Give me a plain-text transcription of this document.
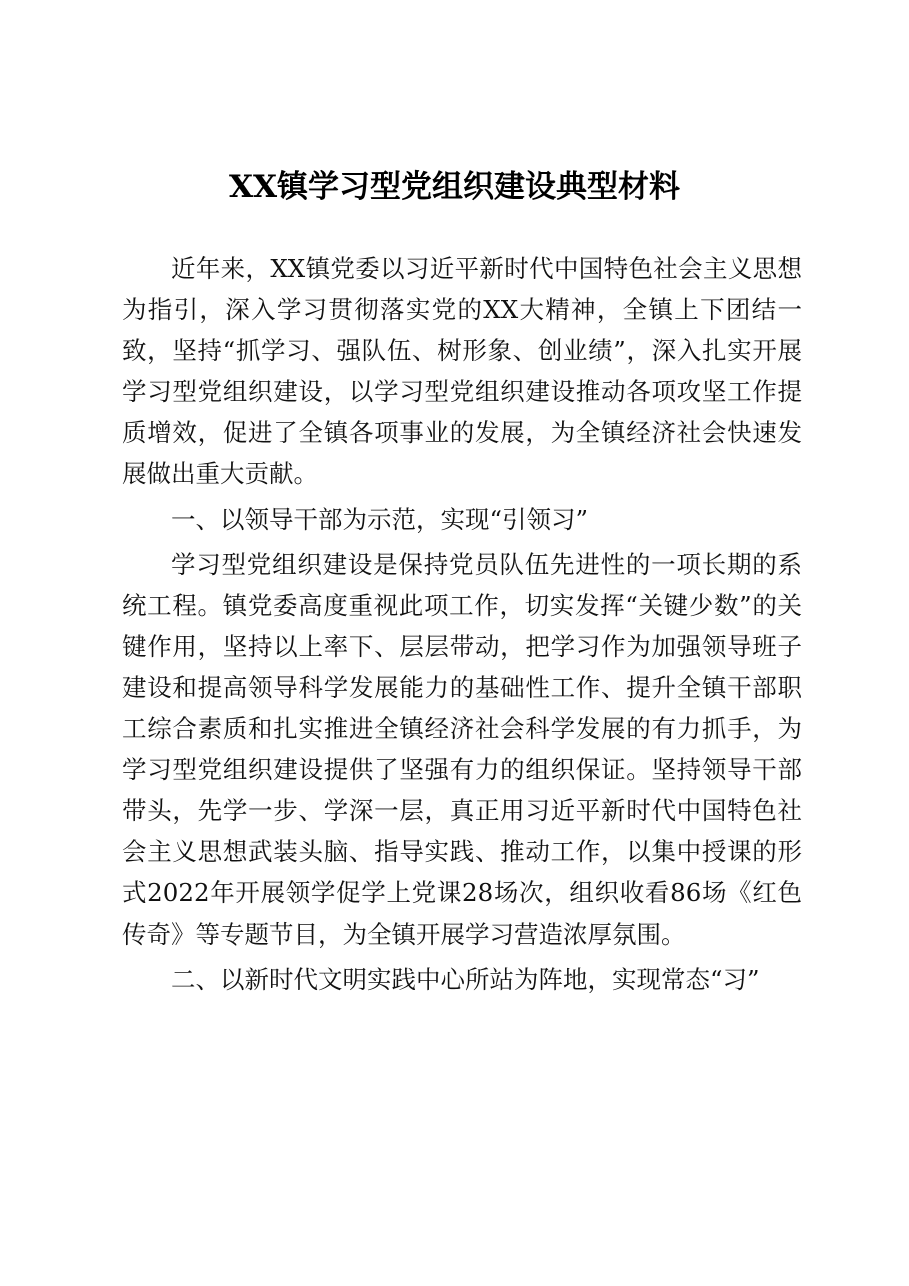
XX镇学习型党组织建设典型材料

近年来，XX镇党委以习近平新时代中国特色社会主义思想为指引，深入学习贯彻落实党的XX大精神，全镇上下团结一致，坚持“抓学习、强队伍、树形象、创业绩”，深入扎实开展学习型党组织建设，以学习型党组织建设推动各项攻坚工作提质增效，促进了全镇各项事业的发展，为全镇经济社会快速发展做出重大贡献。

一、以领导干部为示范，实现“引领习”

学习型党组织建设是保持党员队伍先进性的一项长期的系统工程。镇党委高度重视此项工作，切实发挥“关键少数”的关键作用，坚持以上率下、层层带动，把学习作为加强领导班子建设和提高领导科学发展能力的基础性工作、提升全镇干部职工综合素质和扎实推进全镇经济社会科学发展的有力抓手，为学习型党组织建设提供了坚强有力的组织保证。坚持领导干部带头，先学一步、学深一层，真正用习近平新时代中国特色社会主义思想武装头脑、指导实践、推动工作，以集中授课的形式2022年开展领学促学上党课28场次，组织收看86场《红色传奇》等专题节目，为全镇开展学习营造浓厚氛围。

二、以新时代文明实践中心所站为阵地，实现常态“习”
